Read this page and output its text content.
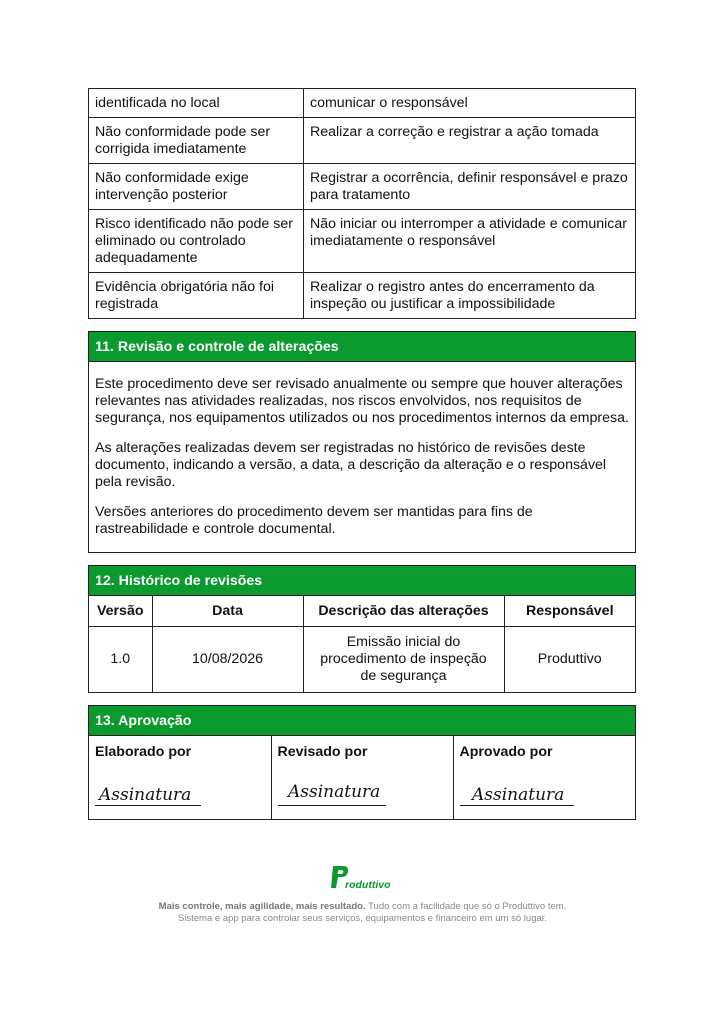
identificada no local	comunicar o responsável
Não conformidade pode ser corrigida imediatamente	Realizar a correção e registrar a ação tomada
Não conformidade exige intervenção posterior	Registrar a ocorrência, definir responsável e prazo para tratamento
Risco identificado não pode ser eliminado ou controlado adequadamente	Não iniciar ou interromper a atividade e comunicar imediatamente o responsável
Evidência obrigatória não foi registrada	Realizar o registro antes do encerramento da inspeção ou justificar a impossibilidade
11. Revisão e controle de alterações

Este procedimento deve ser revisado anualmente ou sempre que houver alterações relevantes nas atividades realizadas, nos riscos envolvidos, nos requisitos de segurança, nos equipamentos utilizados ou nos procedimentos internos da empresa.

As alterações realizadas devem ser registradas no histórico de revisões deste documento, indicando a versão, a data, a descrição da alteração e o responsável pela revisão.

Versões anteriores do procedimento devem ser mantidas para fins de rastreabilidade e controle documental.

12. Histórico de revisões
Versão	Data	Descrição das alterações	Responsável
1.0	10/08/2026	Emissão inicial do procedimento de inspeção de segurança	Produttivo
13. Aprovação
Elaborado por
Assinatura

Revisado por
Assinatura

Aprovado por
Assinatura
roduttivo
Mais controle, mais agilidade, mais resultado. Tudo com a facilidade que só o Produttivo tem.
Sistema e app para controlar seus serviços, equipamentos e financeiro em um só lugar.
